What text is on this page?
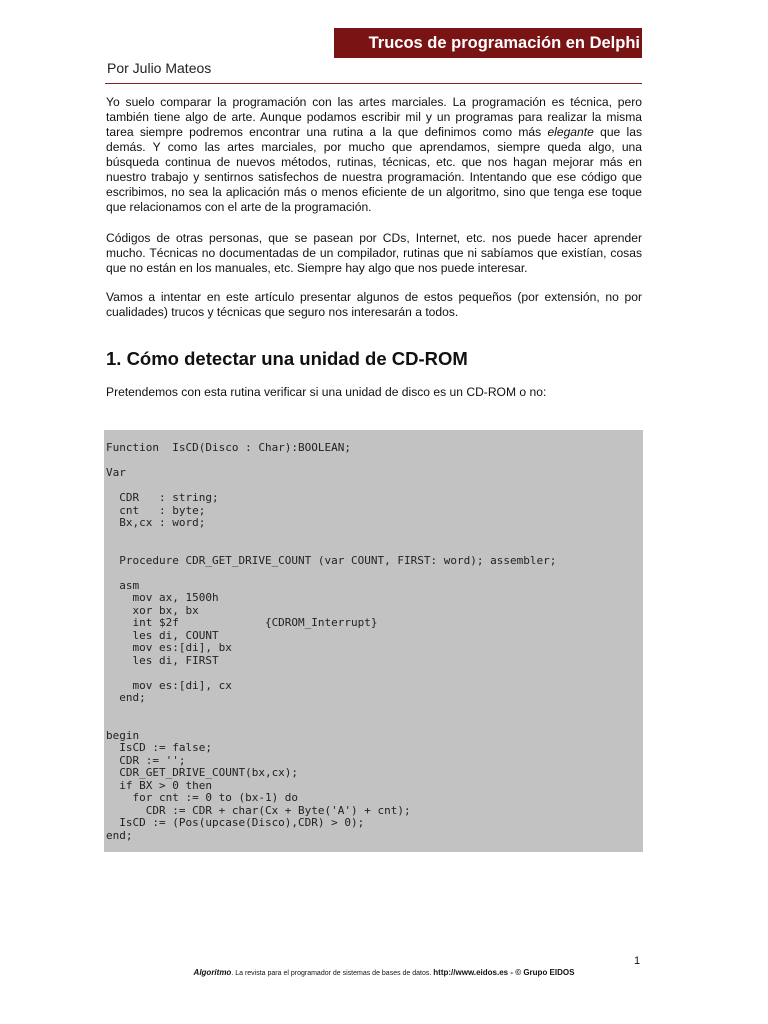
Trucos de programación en Delphi
Por Julio Mateos

Yo suelo comparar la programación con las artes marciales. La programación es técnica, pero también tiene algo de arte. Aunque podamos escribir mil y un programas para realizar la misma tarea siempre podremos encontrar una rutina a la que definimos como más elegante que las demás. Y como las artes marciales, por mucho que aprendamos, siempre queda algo, una búsqueda continua de nuevos métodos, rutinas, técnicas, etc. que nos hagan mejorar más en nuestro trabajo y sentirnos satisfechos de nuestra programación. Intentando que ese código que escribimos, no sea la aplicación más o menos eficiente de un algoritmo, sino que tenga ese toque que relacionamos con el arte de la programación.

Códigos de otras personas, que se pasean por CDs, Internet, etc. nos puede hacer aprender mucho. Técnicas no documentadas de un compilador, rutinas que ni sabíamos que existían, cosas que no están en los manuales, etc. Siempre hay algo que nos puede interesar.

Vamos a intentar en este artículo presentar algunos de estos pequeños (por extensión, no por cualidades) trucos y técnicas que seguro nos interesarán a todos.

1. Cómo detectar una unidad de CD-ROM

Pretendemos con esta rutina verificar si una unidad de disco es un CD-ROM o no:

Function  IsCD(Disco : Char):BOOLEAN;

Var

CDR   : string;
cnt   : byte;
Bx,cx : word;

Procedure CDR_GET_DRIVE_COUNT (var COUNT, FIRST: word); assembler;

asm
mov ax, 1500h
xor bx, bx
int $2f             {CDROM_Interrupt}
les di, COUNT
mov es:[di], bx
les di, FIRST

mov es:[di], cx
end;

begin
IsCD := false;
CDR := '';
CDR_GET_DRIVE_COUNT(bx,cx);
if BX > 0 then
for cnt := 0 to (bx-1) do
CDR := CDR + char(Cx + Byte('A') + cnt);
IsCD := (Pos(upcase(Disco),CDR) > 0);
end;
1
Algoritmo. La revista para el programador de sistemas de bases de datos. http://www.eidos.es - © Grupo EIDOS
